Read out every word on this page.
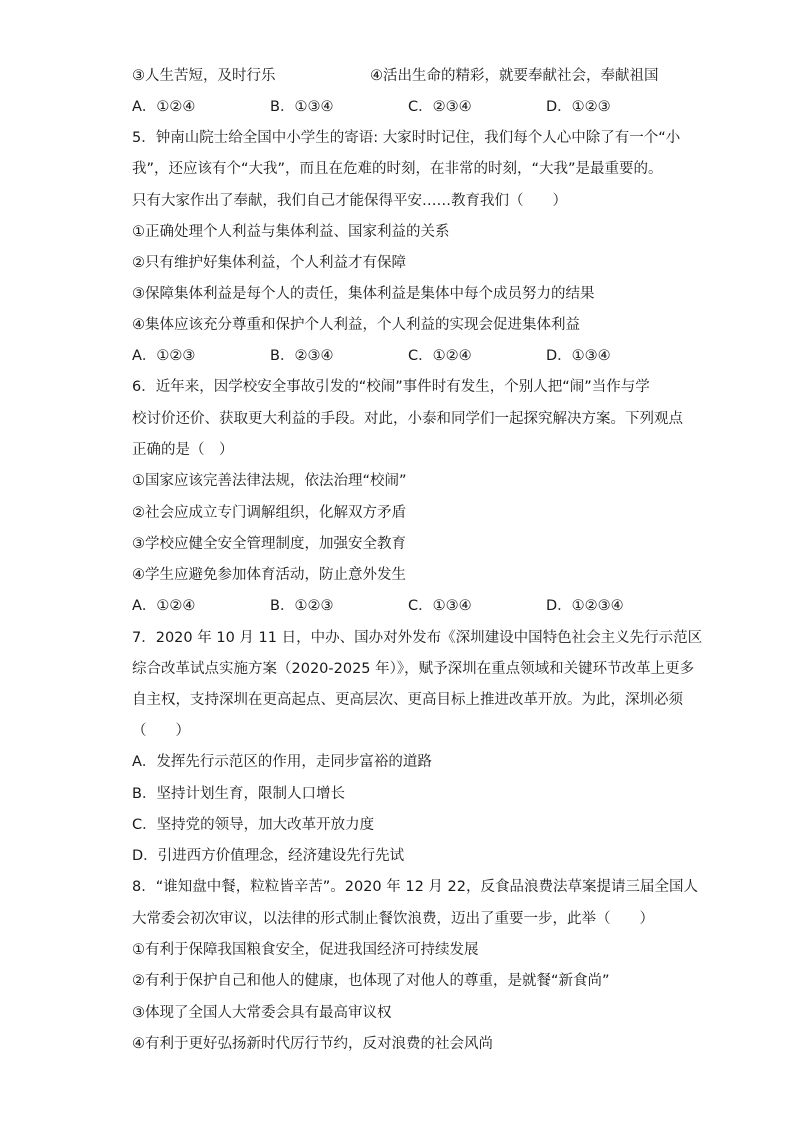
③人生苦短，及时行乐	④活出生命的精彩，就要奉献社会，奉献祖国
A．①②④	B．①③④	C．②③④	D．①②③
5．钟南山院士给全国中小学生的寄语: 大家时时记住，我们每个人心中除了有一个“小
我”，还应该有个“大我”，而且在危难的时刻，在非常的时刻，“大我”是最重要的。
只有大家作出了奉献，我们自己才能保得平安……教育我们（　　）
①正确处理个人利益与集体利益、国家利益的关系
②只有维护好集体利益，个人利益才有保障
③保障集体利益是每个人的责任，集体利益是集体中每个成员努力的结果
④集体应该充分尊重和保护个人利益，个人利益的实现会促进集体利益
A．①②③	B．②③④	C．①②④	D．①③④
6．近年来，因学校安全事故引发的“校闹”事件时有发生，个别人把“闹”当作与学
校讨价还价、获取更大利益的手段。对此，小泰和同学们一起探究解决方案。下列观点
正确的是（　）
①国家应该完善法律法规，依法治理“校闹”
②社会应成立专门调解组织，化解双方矛盾
③学校应健全安全管理制度，加强安全教育
④学生应避免参加体育活动，防止意外发生
A．①②④	B．①②③	C．①③④	D．①②③④
7．2020 年 10 月 11 日，中办、国办对外发布《深圳建设中国特色社会主义先行示范区
综合改革试点实施方案（2020-2025 年）》，赋予深圳在重点领域和关键环节改革上更多
自主权，支持深圳在更高起点、更高层次、更高目标上推进改革开放。为此，深圳必须
（　　）
A．发挥先行示范区的作用，走同步富裕的道路
B．坚持计划生育，限制人口增长
C．坚持党的领导，加大改革开放力度
D．引进西方价值理念，经济建设先行先试
8．“谁知盘中餐，粒粒皆辛苦”。2020 年 12 月 22，反食品浪费法草案提请三届全国人
大常委会初次审议，以法律的形式制止餐饮浪费，迈出了重要一步，此举（　　）
①有利于保障我国粮食安全，促进我国经济可持续发展
②有利于保护自己和他人的健康，也体现了对他人的尊重，是就餐“新食尚”
③体现了全国人大常委会具有最高审议权
④有利于更好弘扬新时代厉行节约，反对浪费的社会风尚
